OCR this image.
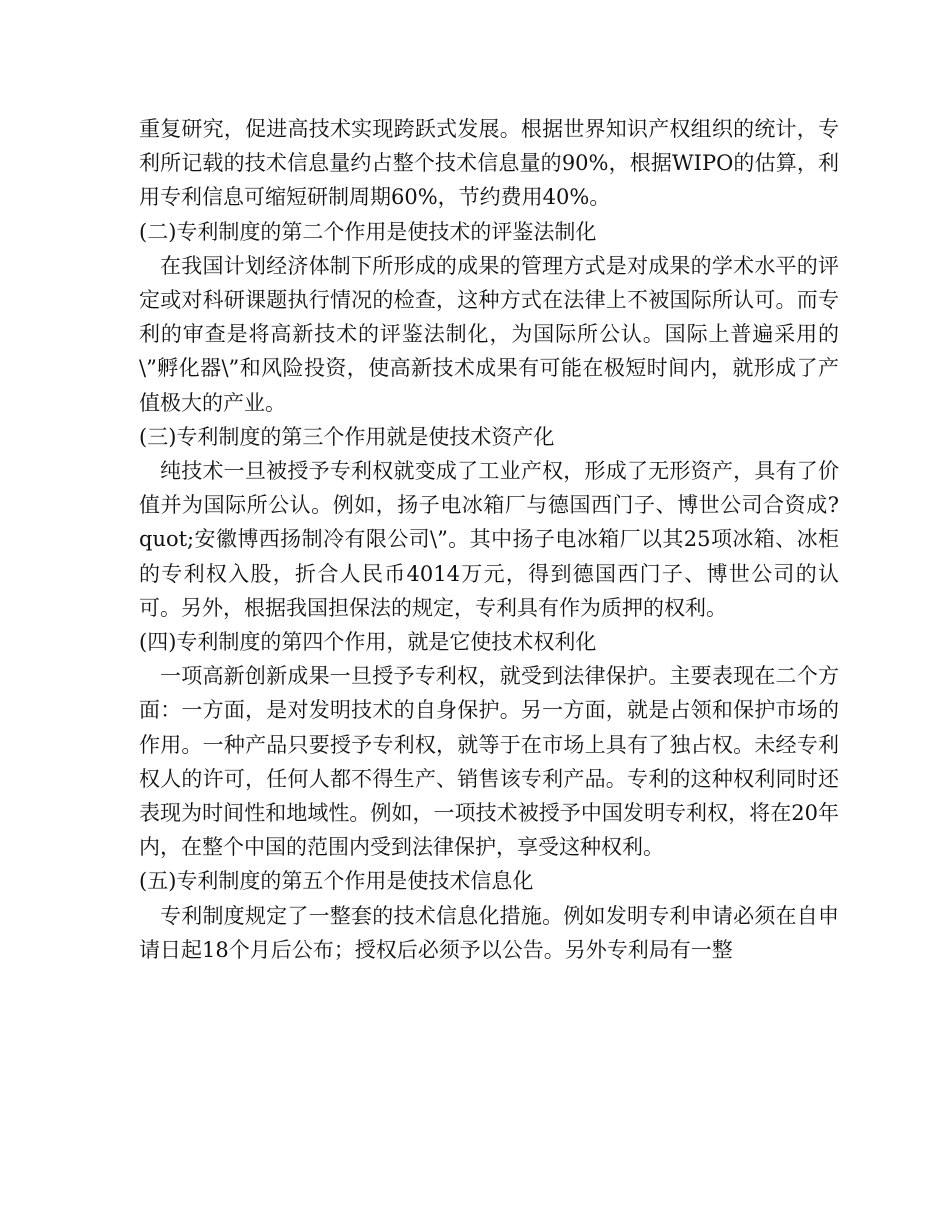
重复研究，促进高技术实现跨跃式发展。根据世界知识产权组织的统计，专利所记载的技术信息量约占整个技术信息量的90%，根据WIPO的估算，利用专利信息可缩短研制周期60%，节约费用40%。

(二)专利制度的第二个作用是使技术的评鉴法制化

在我国计划经济体制下所形成的成果的管理方式是对成果的学术水平的评定或对科研课题执行情况的检查，这种方式在法律上不被国际所认可。而专利的审查是将高新技术的评鉴法制化，为国际所公认。国际上普遍采用的\”孵化器\”和风险投资，使高新技术成果有可能在极短时间内，就形成了产值极大的产业。

(三)专利制度的第三个作用就是使技术资产化

纯技术一旦被授予专利权就变成了工业产权，形成了无形资产，具有了价值并为国际所公认。例如，扬子电冰箱厂与德国西门子、博世公司合资成?quot;安徽博西扬制冷有限公司\”。其中扬子电冰箱厂以其25项冰箱、冰柜的专利权入股，折合人民币4014万元，得到德国西门子、博世公司的认可。另外，根据我国担保法的规定，专利具有作为质押的权利。

(四)专利制度的第四个作用，就是它使技术权利化

一项高新创新成果一旦授予专利权，就受到法律保护。主要表现在二个方面：一方面，是对发明技术的自身保护。另一方面，就是占领和保护市场的作用。一种产品只要授予专利权，就等于在市场上具有了独占权。未经专利权人的许可，任何人都不得生产、销售该专利产品。专利的这种权利同时还表现为时间性和地域性。例如，一项技术被授予中国发明专利权，将在20年内，在整个中国的范围内受到法律保护，享受这种权利。

(五)专利制度的第五个作用是使技术信息化

专利制度规定了一整套的技术信息化措施。例如发明专利申请必须在自申请日起18个月后公布；授权后必须予以公告。另外专利局有一整
